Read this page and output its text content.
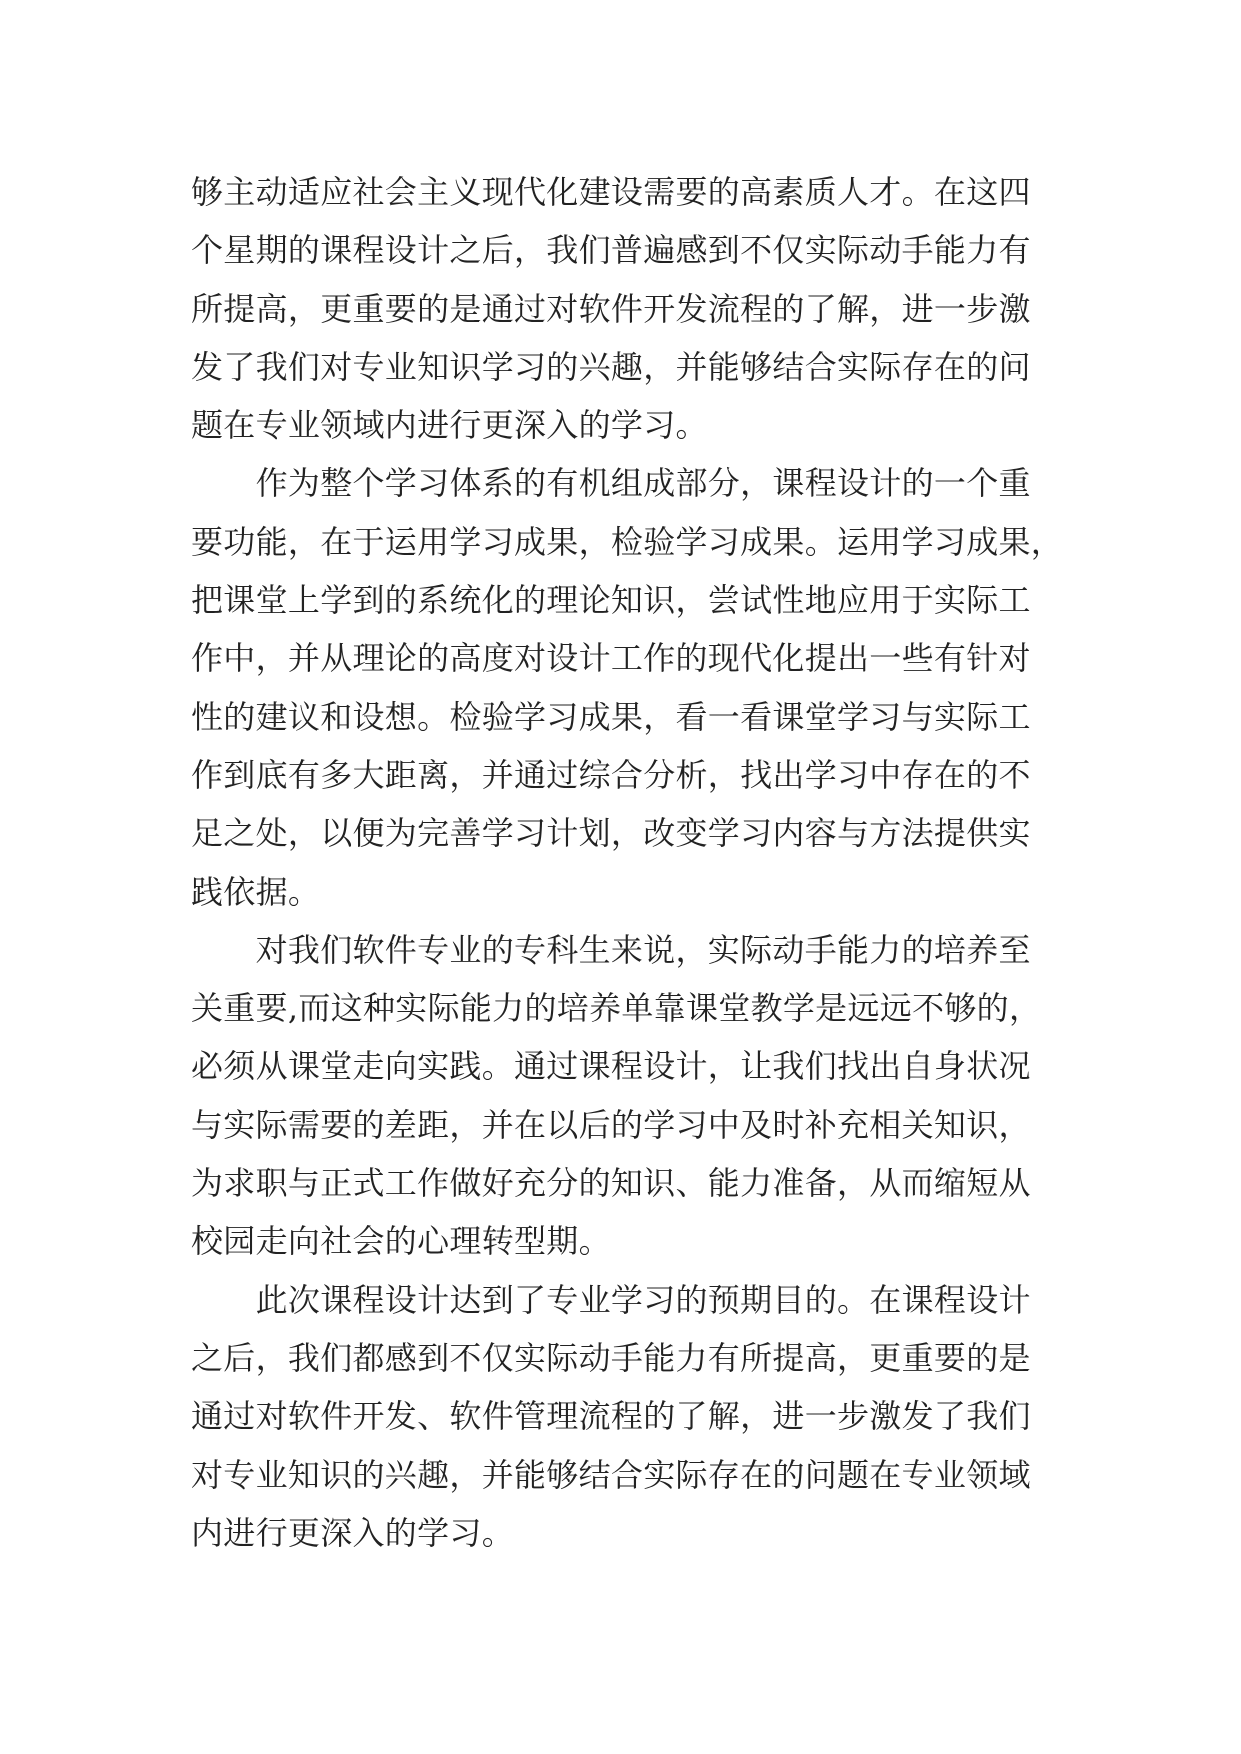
够主动适应社会主义现代化建设需要的高素质人才。在这四
个星期的课程设计之后，我们普遍感到不仅实际动手能力有
所提高，更重要的是通过对软件开发流程的了解，进一步激
发了我们对专业知识学习的兴趣，并能够结合实际存在的问
题在专业领域内进行更深入的学习。
　　作为整个学习体系的有机组成部分，课程设计的一个重
要功能，在于运用学习成果，检验学习成果。运用学习成果，
把课堂上学到的系统化的理论知识，尝试性地应用于实际工
作中，并从理论的高度对设计工作的现代化提出一些有针对
性的建议和设想。检验学习成果，看一看课堂学习与实际工
作到底有多大距离，并通过综合分析，找出学习中存在的不
足之处，以便为完善学习计划，改变学习内容与方法提供实
践依据。
　　对我们软件专业的专科生来说，实际动手能力的培养至
关重要,而这种实际能力的培养单靠课堂教学是远远不够的，
必须从课堂走向实践。通过课程设计，让我们找出自身状况
与实际需要的差距，并在以后的学习中及时补充相关知识，
为求职与正式工作做好充分的知识、能力准备，从而缩短从
校园走向社会的心理转型期。
　　此次课程设计达到了专业学习的预期目的。在课程设计
之后，我们都感到不仅实际动手能力有所提高，更重要的是
通过对软件开发、软件管理流程的了解，进一步激发了我们
对专业知识的兴趣，并能够结合实际存在的问题在专业领域
内进行更深入的学习。
